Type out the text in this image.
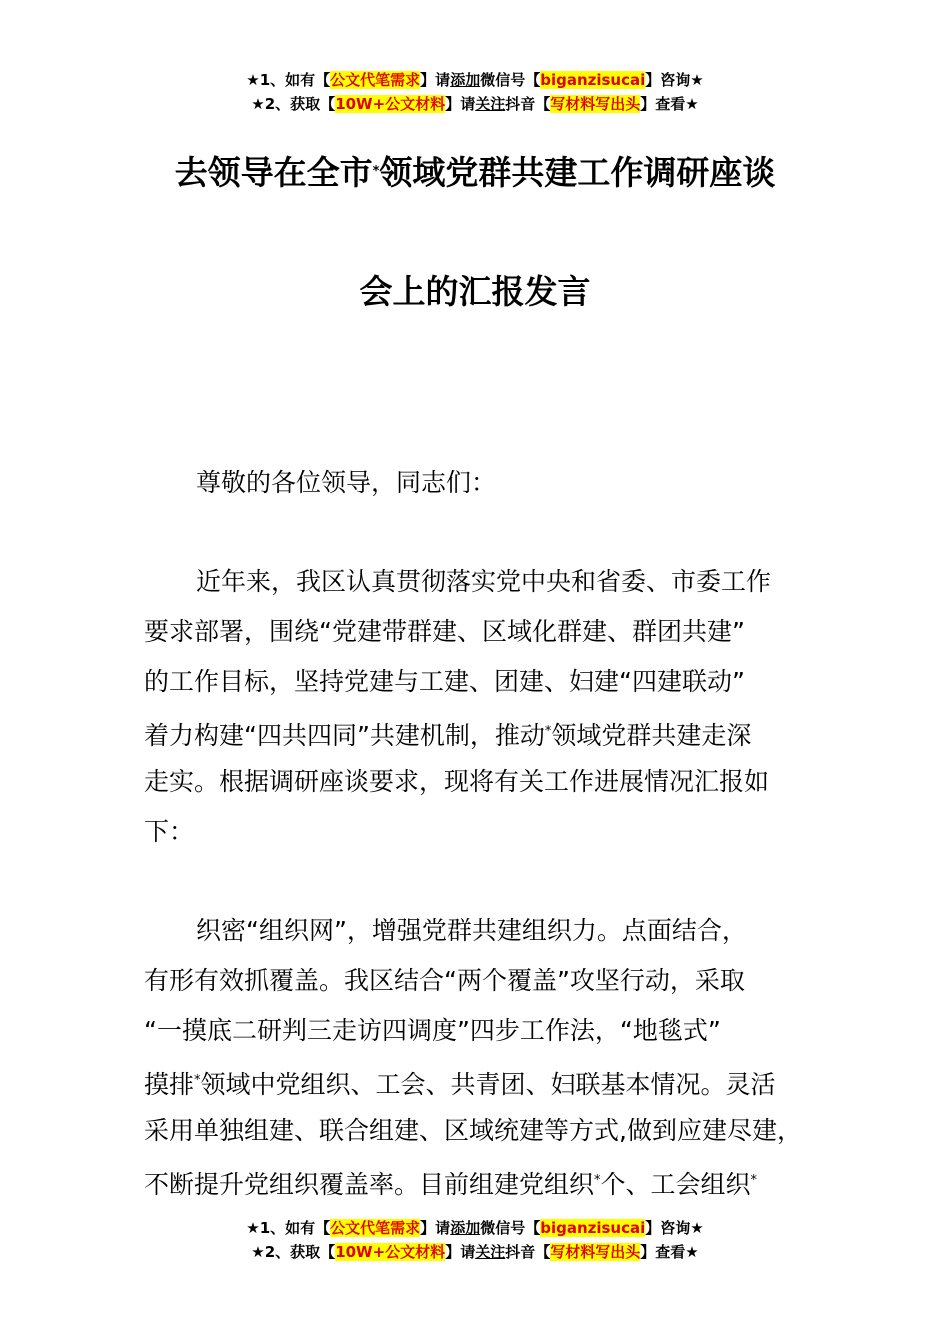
★1、如有【公文代笔需求】请添加微信号【biganzisucai】咨询★
★2、获取【10W+公文材料】请关注抖音【写材料写出头】查看★
去领导在全市*领域党群共建工作调研座谈
会上的汇报发言
尊敬的各位领导，同志们：
近年来，我区认真贯彻落实党中央和省委、市委工作
要求部署，围绕“党建带群建、区域化群建、群团共建”
的工作目标，坚持党建与工建、团建、妇建“四建联动”
着力构建“四共四同”共建机制，推动*领域党群共建走深
走实。根据调研座谈要求，现将有关工作进展情况汇报如
下：
织密“组织网”，增强党群共建组织力。点面结合，
有形有效抓覆盖。我区结合“两个覆盖”攻坚行动，采取
“一摸底二研判三走访四调度”四步工作法，“地毯式”
摸排*领域中党组织、工会、共青团、妇联基本情况。灵活
采用单独组建、联合组建、区域统建等方式,做到应建尽建，
不断提升党组织覆盖率。目前组建党组织*个、工会组织*
★1、如有【公文代笔需求】请添加微信号【biganzisucai】咨询★
★2、获取【10W+公文材料】请关注抖音【写材料写出头】查看★
